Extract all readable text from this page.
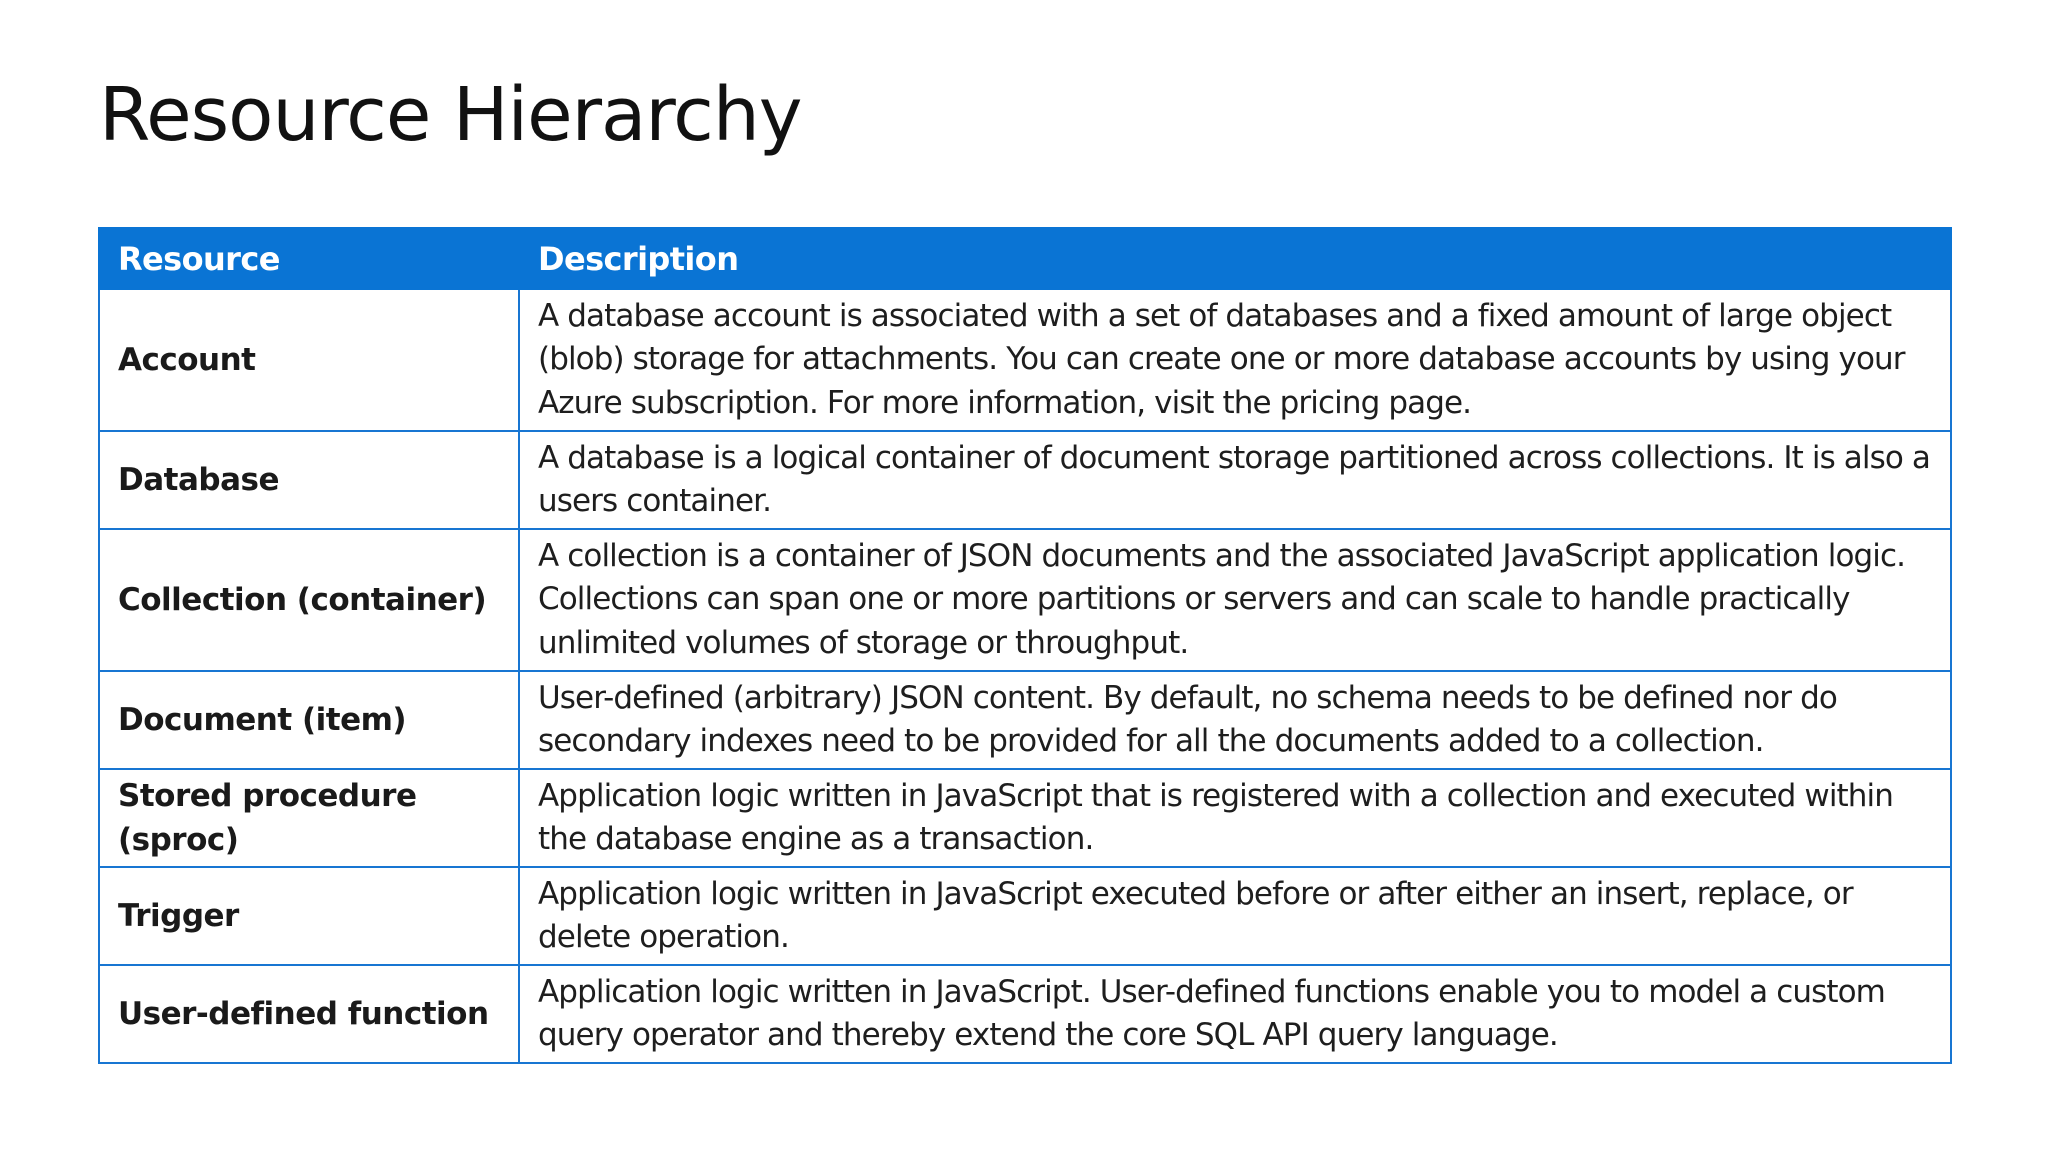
Resource Hierarchy
Resource	Description
Account	A database account is associated with a set of databases and a fixed amount of large object (blob) storage for attachments. You can create one or more database accounts by using your Azure subscription. For more information, visit the pricing page.
Database	A database is a logical container of document storage partitioned across collections. It is also a users container.
Collection (container)	A collection is a container of JSON documents and the associated JavaScript application logic. Collections can span one or more partitions or servers and can scale to handle practically unlimited volumes of storage or throughput.
Document (item)	User-defined (arbitrary) JSON content. By default, no schema needs to be defined nor do secondary indexes need to be provided for all the documents added to a collection.
Stored procedure (sproc)	Application logic written in JavaScript that is registered with a collection and executed within the database engine as a transaction.
Trigger	Application logic written in JavaScript executed before or after either an insert, replace, or delete operation.
User-defined function	Application logic written in JavaScript. User-defined functions enable you to model a custom query operator and thereby extend the core SQL API query language.
